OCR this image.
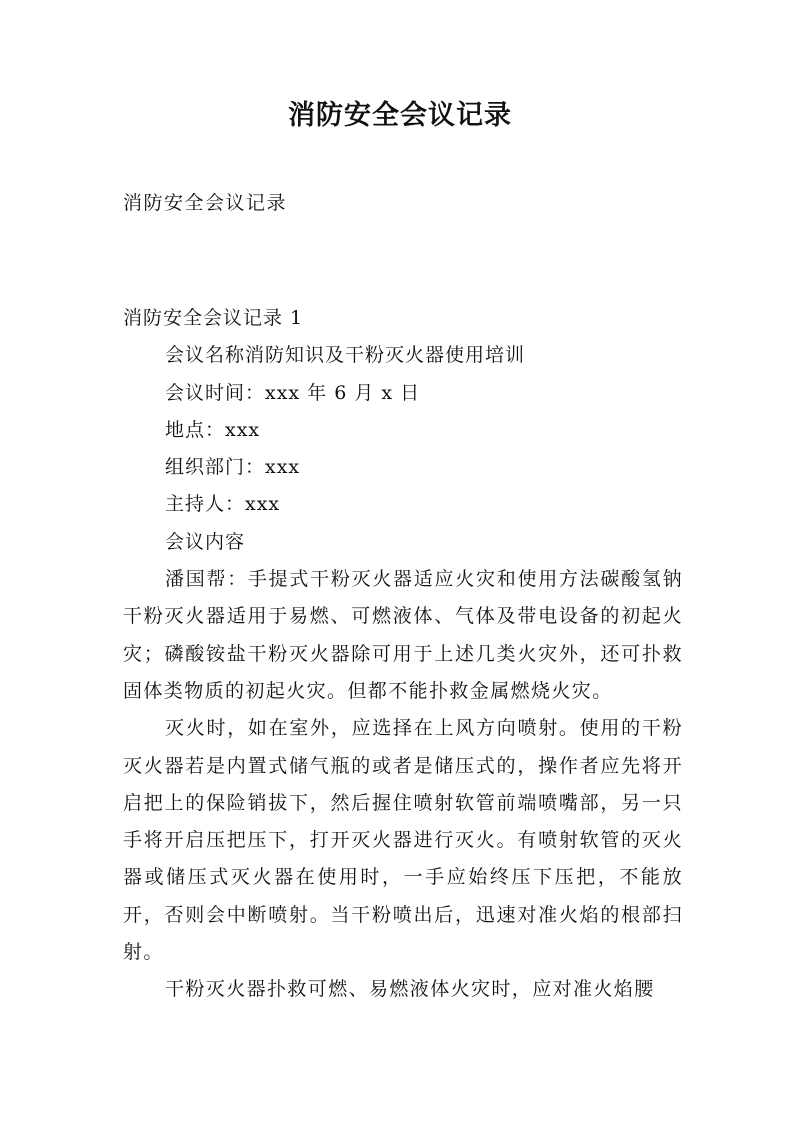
消防安全会议记录
消防安全会议记录

消防安全会议记录 1

会议名称消防知识及干粉灭火器使用培训

会议时间：xxx 年 6 月 x 日

地点：xxx

组织部门：xxx

主持人：xxx

会议内容

潘国帮：手提式干粉灭火器适应火灾和使用方法碳酸氢钠干粉灭火器适用于易燃、可燃液体、气体及带电设备的初起火灾；磷酸铵盐干粉灭火器除可用于上述几类火灾外，还可扑救固体类物质的初起火灾。但都不能扑救金属燃烧火灾。

灭火时，如在室外，应选择在上风方向喷射。使用的干粉灭火器若是内置式储气瓶的或者是储压式的，操作者应先将开启把上的保险销拔下，然后握住喷射软管前端喷嘴部，另一只手将开启压把压下，打开灭火器进行灭火。有喷射软管的灭火器或储压式灭火器在使用时，一手应始终压下压把，不能放开，否则会中断喷射。当干粉喷出后，迅速对准火焰的根部扫射。

干粉灭火器扑救可燃、易燃液体火灾时，应对准火焰腰
